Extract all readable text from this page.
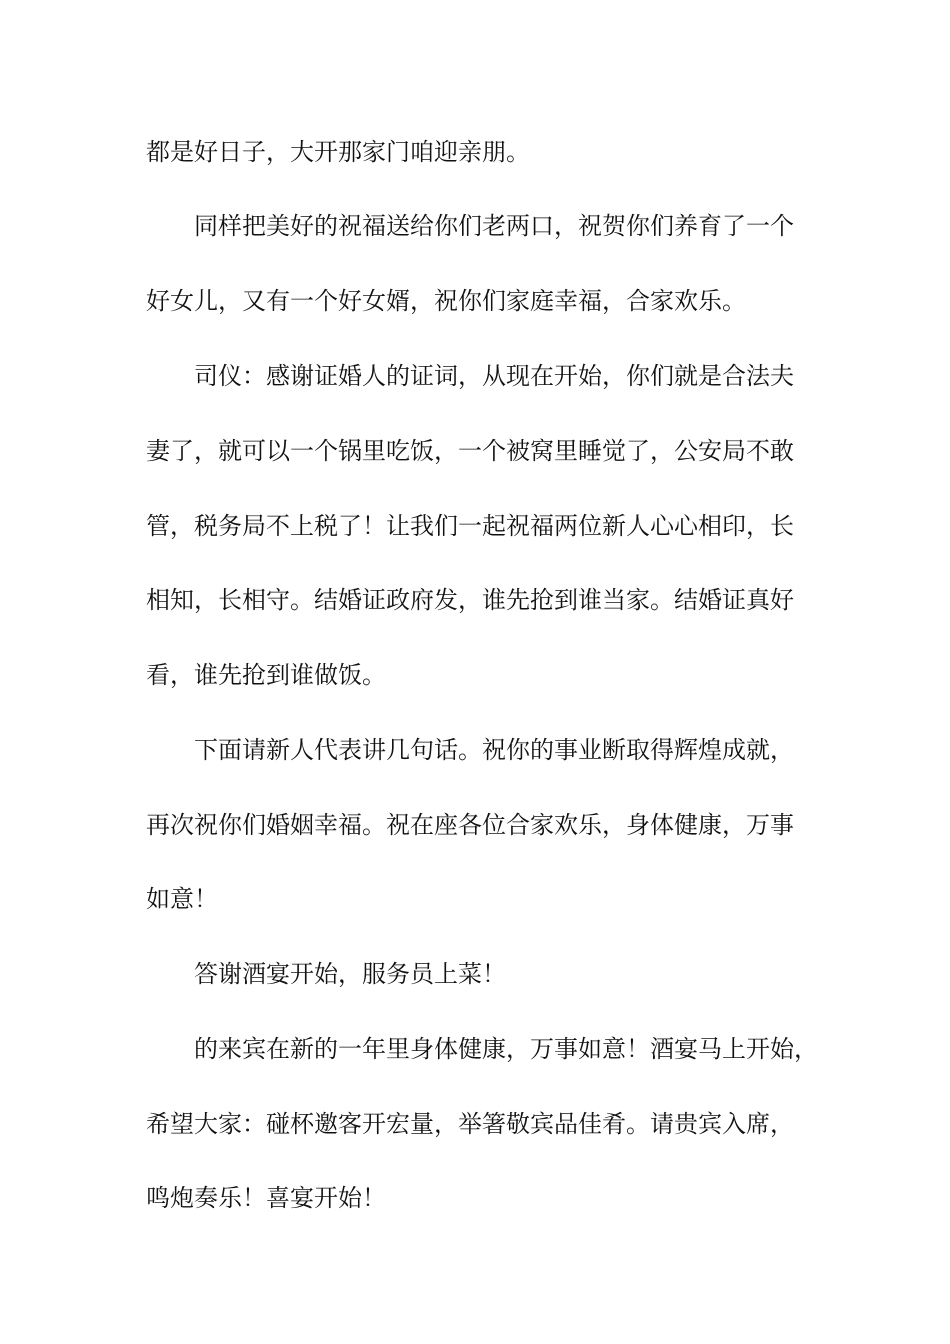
都是好日子，大开那家门咱迎亲朋。

同样把美好的祝福送给你们老两口，祝贺你们养育了一个

好女儿，又有一个好女婿，祝你们家庭幸福，合家欢乐。

司仪：感谢证婚人的证词，从现在开始，你们就是合法夫

妻了，就可以一个锅里吃饭，一个被窝里睡觉了，公安局不敢

管，税务局不上税了！让我们一起祝福两位新人心心相印，长

相知，长相守。结婚证政府发，谁先抢到谁当家。结婚证真好

看，谁先抢到谁做饭。

下面请新人代表讲几句话。祝你的事业断取得辉煌成就，

再次祝你们婚姻幸福。祝在座各位合家欢乐，身体健康，万事

如意！

答谢酒宴开始，服务员上菜！

的来宾在新的一年里身体健康，万事如意！酒宴马上开始，

希望大家：碰杯邀客开宏量，举箸敬宾品佳肴。请贵宾入席，

鸣炮奏乐！喜宴开始！
